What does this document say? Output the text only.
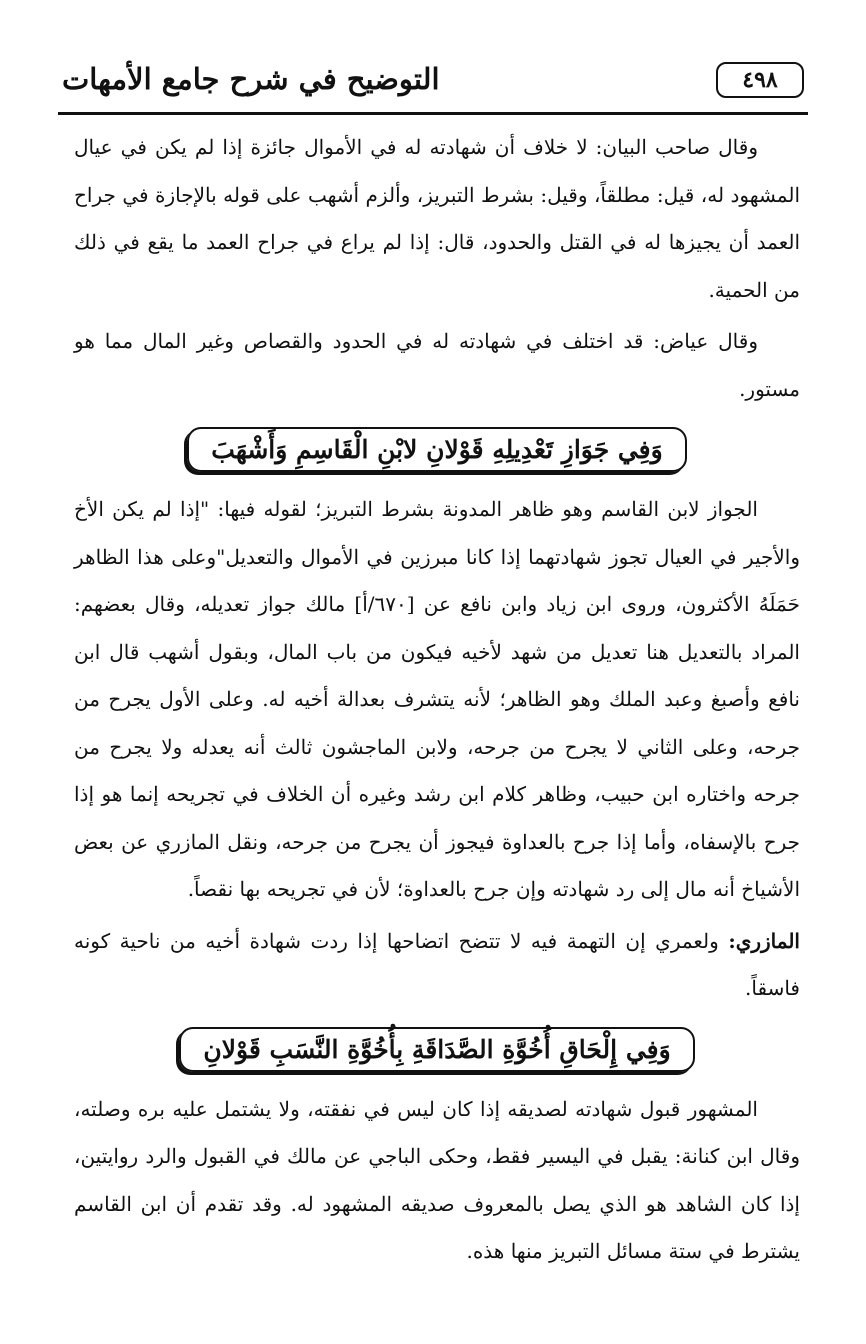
التوضيح في شرح جامع الأمهات	٤٩٨

وقال صاحب البيان: لا خلاف أن شهادته له في الأموال جائزة إذا لم يكن في عيال المشهود له، قيل: مطلقاً، وقيل: بشرط التبريز، وألزم أشهب على قوله بالإجازة في جراح العمد أن يجيزها له في القتل والحدود، قال: إذا لم يراع في جراح العمد ما يقع في ذلك من الحمية.

وقال عياض: قد اختلف في شهادته له في الحدود والقصاص وغير المال مما هو مستور.

وَفِي جَوَازِ تَعْدِيلِهِ قَوْلانِ لابْنِ الْقَاسِمِ وَأَشْهَبَ

الجواز لابن القاسم وهو ظاهر المدونة بشرط التبريز؛ لقوله فيها: "إذا لم يكن الأخ والأجير في العيال تجوز شهادتهما إذا كانا مبرزين في الأموال والتعديل"وعلى هذا الظاهر حَمَلَهُ الأكثرون، وروى ابن زياد وابن نافع عن [٦٧٠/أ] مالك جواز تعديله، وقال بعضهم: المراد بالتعديل هنا تعديل من شهد لأخيه فيكون من باب المال، وبقول أشهب قال ابن نافع وأصبغ وعبد الملك وهو الظاهر؛ لأنه يتشرف بعدالة أخيه له. وعلى الأول يجرح من جرحه، وعلى الثاني لا يجرح من جرحه، ولابن الماجشون ثالث أنه يعدله ولا يجرح من جرحه واختاره ابن حبيب، وظاهر كلام ابن رشد وغيره أن الخلاف في تجريحه إنما هو إذا جرح بالإسفاه، وأما إذا جرح بالعداوة فيجوز أن يجرح من جرحه، ونقل المازري عن بعض الأشياخ أنه مال إلى رد شهادته وإن جرح بالعداوة؛ لأن في تجريحه بها نقصاً.

المازري: ولعمري إن التهمة فيه لا تتضح اتضاحها إذا ردت شهادة أخيه من ناحية كونه فاسقاً.

وَفِي إِلْحَاقِ أُخُوَّةِ الصَّدَاقَةِ بِأُخُوَّةِ النَّسَبِ قَوْلانِ

المشهور قبول شهادته لصديقه إذا كان ليس في نفقته، ولا يشتمل عليه بره وصلته، وقال ابن كنانة: يقبل في اليسير فقط، وحكى الباجي عن مالك في القبول والرد روايتين، إذا كان الشاهد هو الذي يصل بالمعروف صديقه المشهود له. وقد تقدم أن ابن القاسم يشترط في ستة مسائل التبريز منها هذه.
